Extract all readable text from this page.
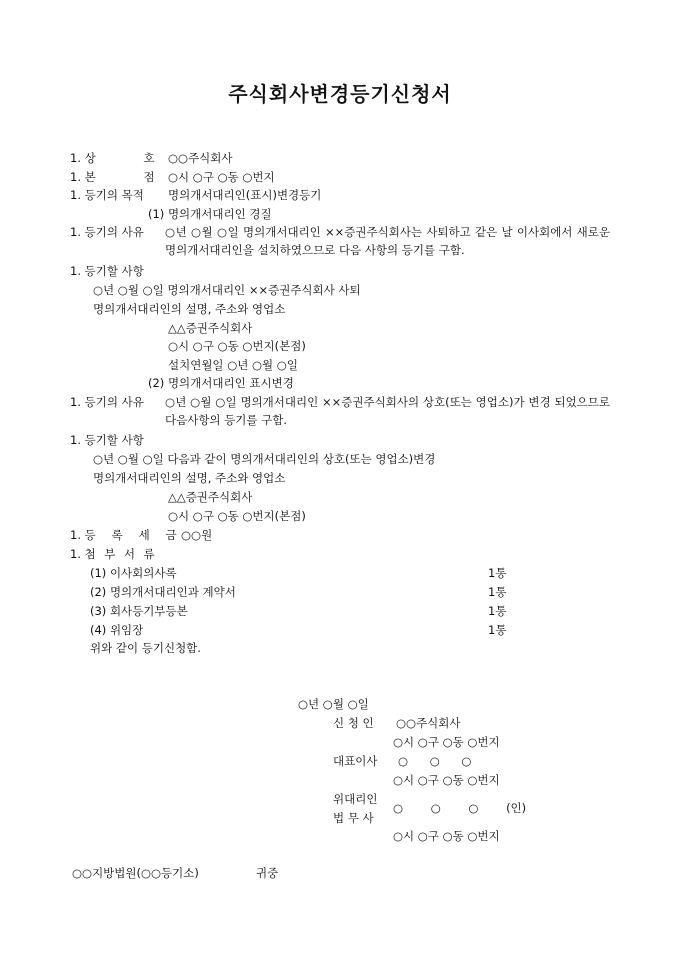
주식회사변경등기신청서
1. 상 호 ○○주식회사
1. 본 점 ○시 ○구 ○동 ○번지
1. 등기의 목적 명의개서대리인(표시)변경등기
(1) 명의개서대리인 경질
1. 등기의 사유 ○년 ○월 ○일 명의개서대리인 ××증권주식회사는 사퇴하고 같은 날 이사회에서 새로운 명의개서대리인을 설치하였으므로 다음 사항의 등기를 구함.
1. 등기할 사항
○년 ○월 ○일 명의개서대리인 ××증권주식회사 사퇴
명의개서대리인의 설명, 주소와 영업소
△△증권주식회사
○시 ○구 ○동 ○번지(본점)
설치연월일 ○년 ○월 ○일
(2) 명의개서대리인 표시변경
1. 등기의 사유 ○년 ○월 ○일 명의개서대리인 ××증권주식회사의 상호(또는 영업소)가 변경 되었으므로 다음사항의 등기를 구함.
1. 등기할 사항
○년 ○월 ○일 다음과 같이 명의개서대리인의 상호(또는 영업소)변경
명의개서대리인의 설명, 주소와 영업소
△△증권주식회사
○시 ○구 ○동 ○번지(본점)
1. 등 록 세 금 ○○원
1. 첨 부 서 류
(1) 이사회의사록	1통
(2) 명의개서대리인과 계약서	1통
(3) 회사등기부등본	1통
(4) 위임장	1통
위와 같이 등기신청함.
○년 ○월 ○일
신 청 인 ○○주식회사
○시 ○구 ○동 ○번지
대표이사 ○ ○ ○
○시 ○구 ○동 ○번지
위대리인
법 무 사
○ ○ ○ (인)
○시 ○구 ○동 ○번지
○○지방법원(○○등기소)	귀중
